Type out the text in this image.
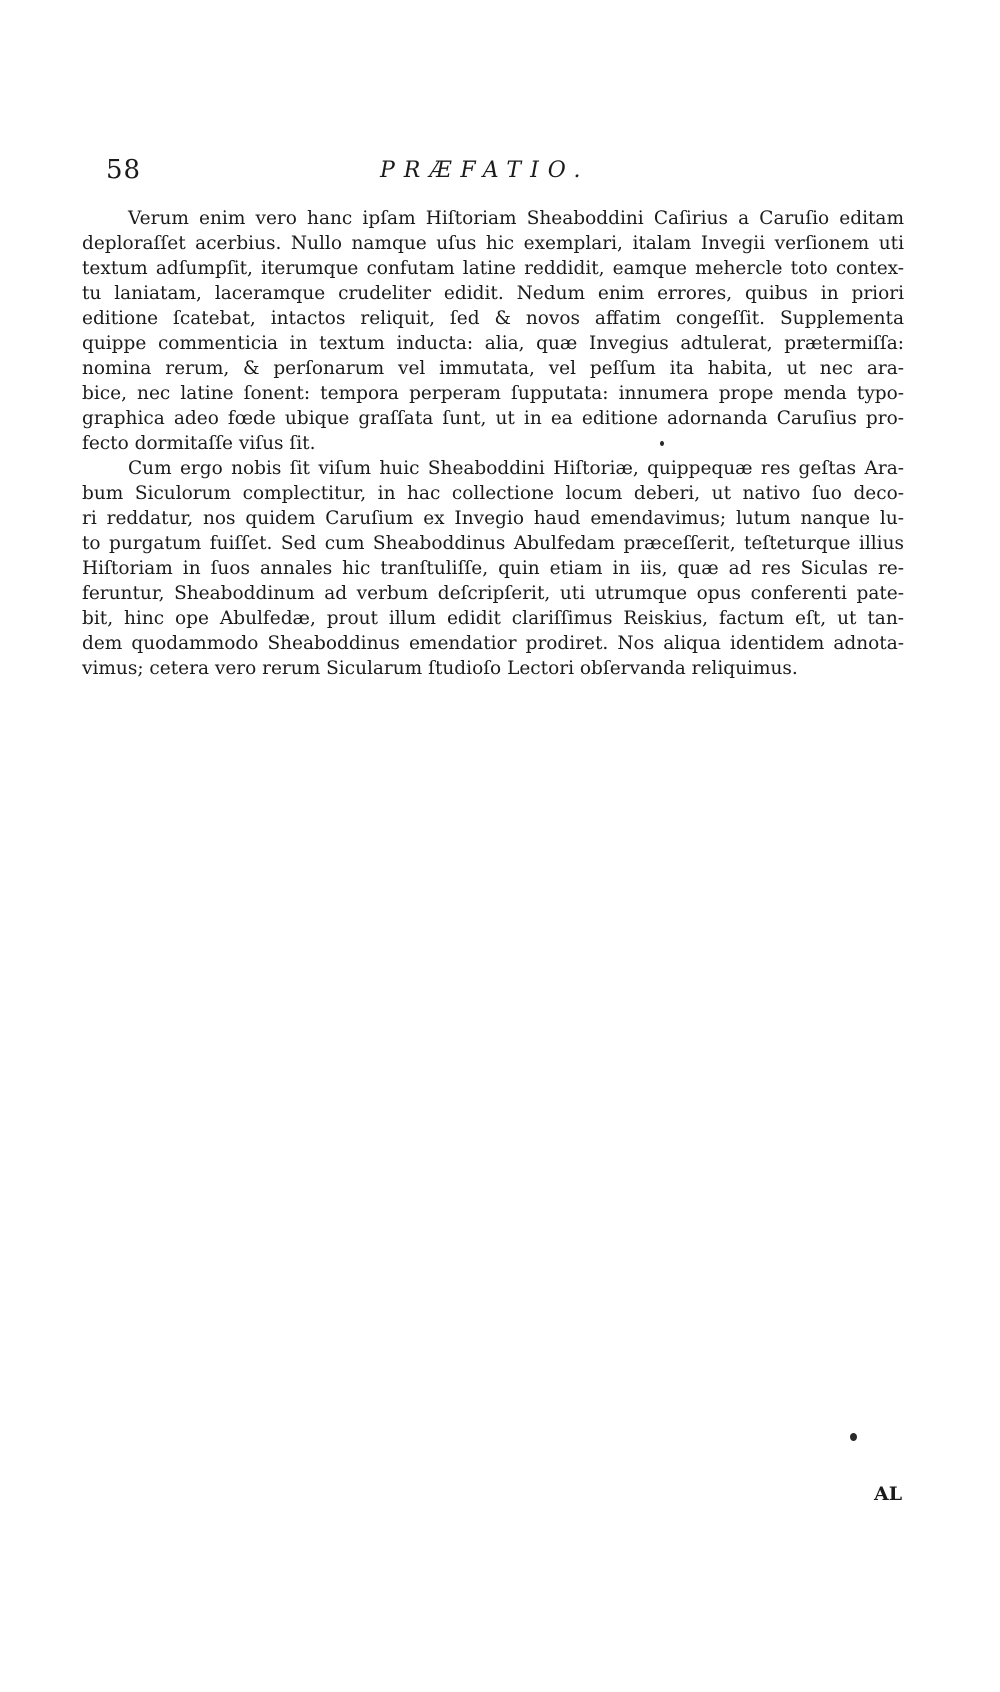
58	PRÆFATIO.
Verum enim vero hanc ipſam Hiſtoriam Sheaboddini Caſirius a Caruſio editam
deploraſſet acerbius. Nullo namque uſus hic exemplari, italam Invegii verſionem uti
textum adſumpſit, iterumque confutam latine reddidit, eamque mehercle toto contex-
tu laniatam, laceramque crudeliter edidit. Nedum enim errores, quibus in priori
editione ſcatebat, intactos reliquit, ſed & novos affatim congeſſit. Supplementa
quippe commenticia in textum inducta: alia, quæ Invegius adtulerat, prætermiſſa:
nomina rerum, & perſonarum vel immutata, vel peſſum ita habita, ut nec ara-
bice, nec latine ſonent: tempora perperam ſupputata: innumera prope menda typo-
graphica adeo fœde ubique graſſata ſunt, ut in ea editione adornanda Caruſius pro-
fecto dormitaſſe viſus ſit.
Cum ergo nobis ſit viſum huic Sheaboddini Hiſtoriæ, quippequæ res geſtas Ara-
bum Siculorum complectitur, in hac collectione locum deberi, ut nativo ſuo deco-
ri reddatur, nos quidem Caruſium ex Invegio haud emendavimus; lutum nanque lu-
to purgatum fuiſſet. Sed cum Sheaboddinus Abulfedam præceſſerit, teſteturque illius
Hiſtoriam in ſuos annales hic tranſtuliſſe, quin etiam in iis, quæ ad res Siculas re-
feruntur, Sheaboddinum ad verbum deſcripſerit, uti utrumque opus conferenti pate-
bit, hinc ope Abulfedæ, prout illum edidit clariſſimus Reiskius, factum eſt, ut tan-
dem quodammodo Sheaboddinus emendatior prodiret. Nos aliqua identidem adnota-
vimus; cetera vero rerum Sicularum ſtudioſo Lectori obſervanda reliquimus.
AL
